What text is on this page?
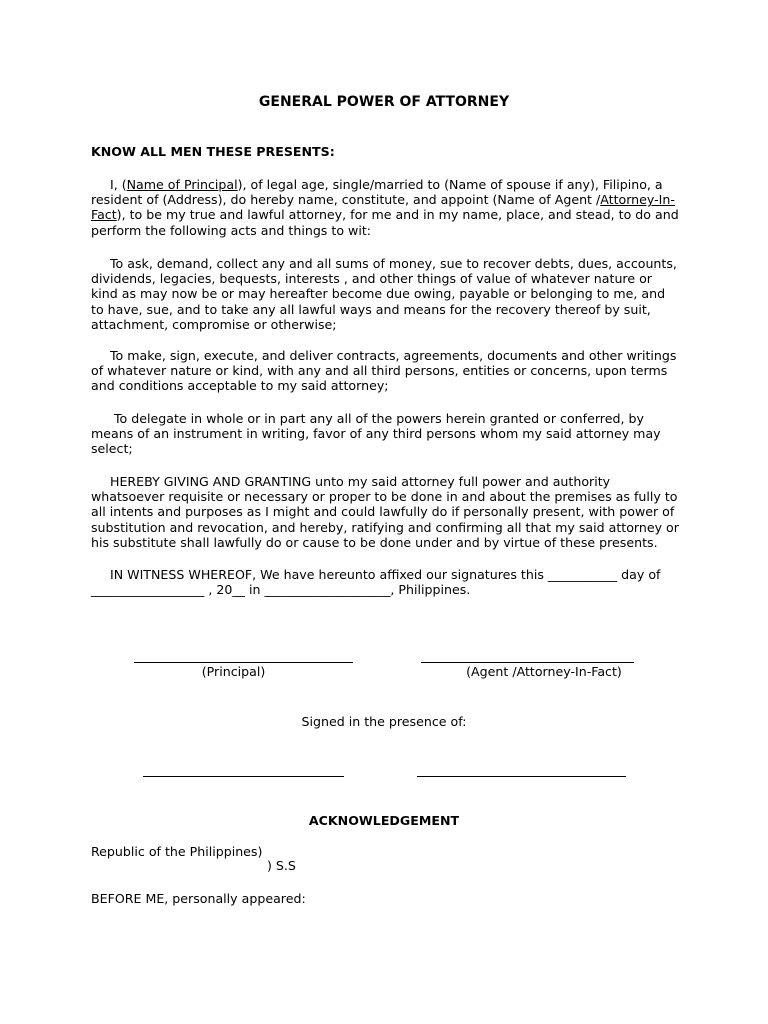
GENERAL POWER OF ATTORNEY
KNOW ALL MEN THESE PRESENTS:
I, (Name of Principal), of legal age, single/married to (Name of spouse if any), Filipino, a resident of (Address), do hereby name, constitute, and appoint (Name of Agent /Attorney-In-Fact), to be my true and lawful attorney, for me and in my name, place, and stead, to do and perform the following acts and things to wit:
To ask, demand, collect any and all sums of money, sue to recover debts, dues, accounts, dividends, legacies, bequests, interests , and other things of value of whatever nature or kind as may now be or may hereafter become due owing, payable or belonging to me, and to have, sue, and to take any all lawful ways and means for the recovery thereof by suit, attachment, compromise or otherwise;
To make, sign, execute, and deliver contracts, agreements, documents and other writings of whatever nature or kind, with any and all third persons, entities or concerns, upon terms and conditions acceptable to my said attorney;
To delegate in whole or in part any all of the powers herein granted or conferred, by means of an instrument in writing, favor of any third persons whom my said attorney may select;
HEREBY GIVING AND GRANTING unto my said attorney full power and authority whatsoever requisite or necessary or proper to be done in and about the premises as fully to all intents and purposes as I might and could lawfully do if personally present, with power of substitution and revocation, and hereby, ratifying and confirming all that my said attorney or his substitute shall lawfully do or cause to be done under and by virtue of these presents.
IN WITNESS WHEREOF, We have hereunto affixed our signatures this ___________ day of
__________________ , 20__ in ____________________, Philippines.
(Principal)	(Agent /Attorney-In-Fact)
Signed in the presence of:
ACKNOWLEDGEMENT
Republic of the Philippines)
) S.S
BEFORE ME, personally appeared:
